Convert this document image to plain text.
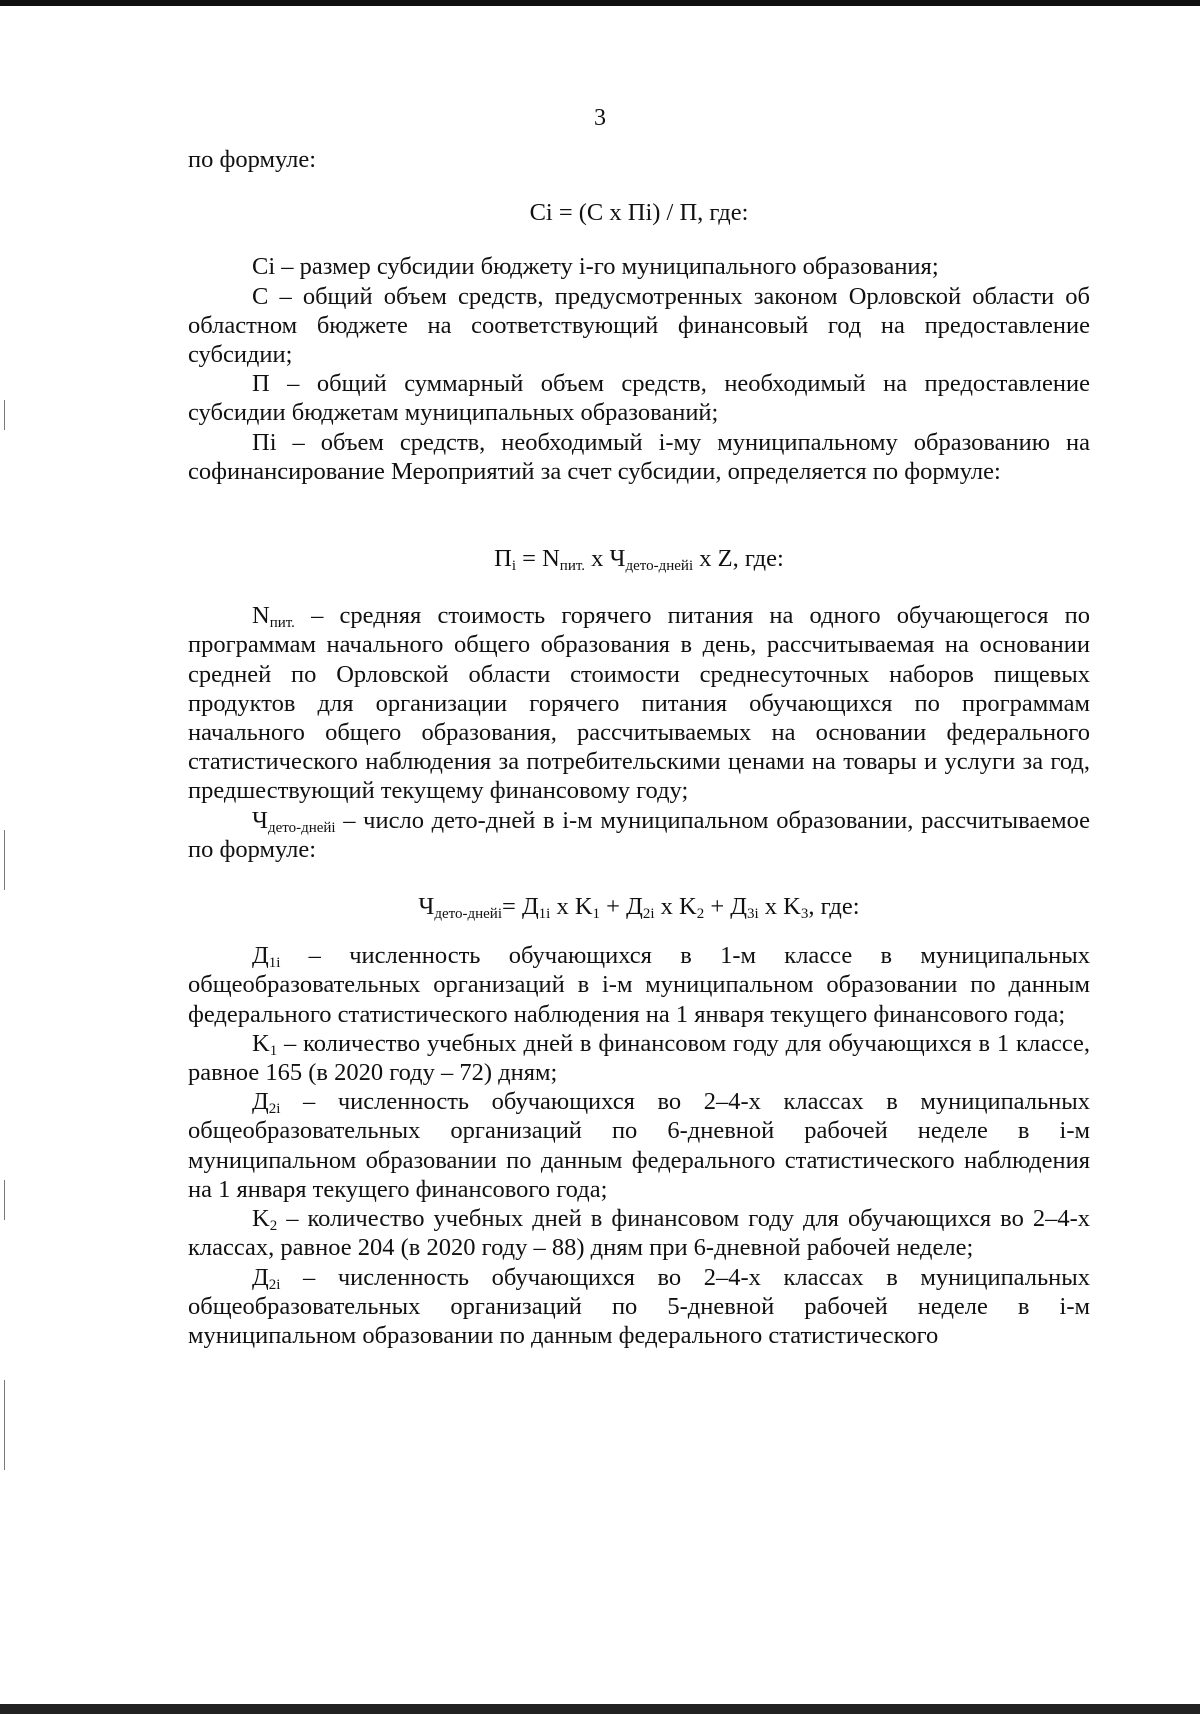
3

по формуле:

Ci = (C x Пi) / П, где:

Ci – размер субсидии бюджету i-го муниципального образования;

С – общий объем средств, предусмотренных законом Орловской области об областном бюджете на соответствующий финансовый год на предоставление субсидии;

П – общий суммарный объем средств, необходимый на предоставление субсидии бюджетам муниципальных образований;

Пi – объем средств, необходимый i-му муниципальному образованию на софинансирование Мероприятий за счет субсидии, определяется по формуле:

$П_i = N_{пит.}$ x $Ч_{дето-днейi}$ x Z, где:

$N_{пит.}$ – средняя стоимость горячего питания на одного обучающегося по программам начального общего образования в день, рассчитываемая на основании средней по Орловской области стоимости среднесуточных наборов пищевых продуктов для организации горячего питания обучающихся по программам начального общего образования, рассчитываемых на основании федерального статистического наблюдения за потребительскими ценами на товары и услуги за год, предшествующий текущему финансовому году;

$Ч_{дето-днейi}$ – число дето-дней в i-м муниципальном образовании, рассчитываемое по формуле:

$Ч_{дето-днейi}= Д_{1i}$ x $K_1 + Д_{2i}$ x $K_2 + Д_{3i}$ x $K_3$, где:

$Д_{1i}$ – численность обучающихся в 1-м классе в муниципальных общеобразовательных организаций в i-м муниципальном образовании по данным федерального статистического наблюдения на 1 января текущего финансового года;

$K_1$ – количество учебных дней в финансовом году для обучающихся в 1 классе, равное 165 (в 2020 году – 72) дням;

$Д_{2i}$ – численность обучающихся во 2–4-х классах в муниципальных общеобразовательных организаций по 6-дневной рабочей неделе в i-м муниципальном образовании по данным федерального статистического наблюдения на 1 января текущего финансового года;

$K_2$ – количество учебных дней в финансовом году для обучающихся во 2–4-х классах, равное 204 (в 2020 году – 88) дням при 6-дневной рабочей неделе;

$Д_{2i}$ – численность обучающихся во 2–4-х классах в муниципальных общеобразовательных организаций по 5-дневной рабочей неделе в i-м муниципальном образовании по данным федерального статистического
